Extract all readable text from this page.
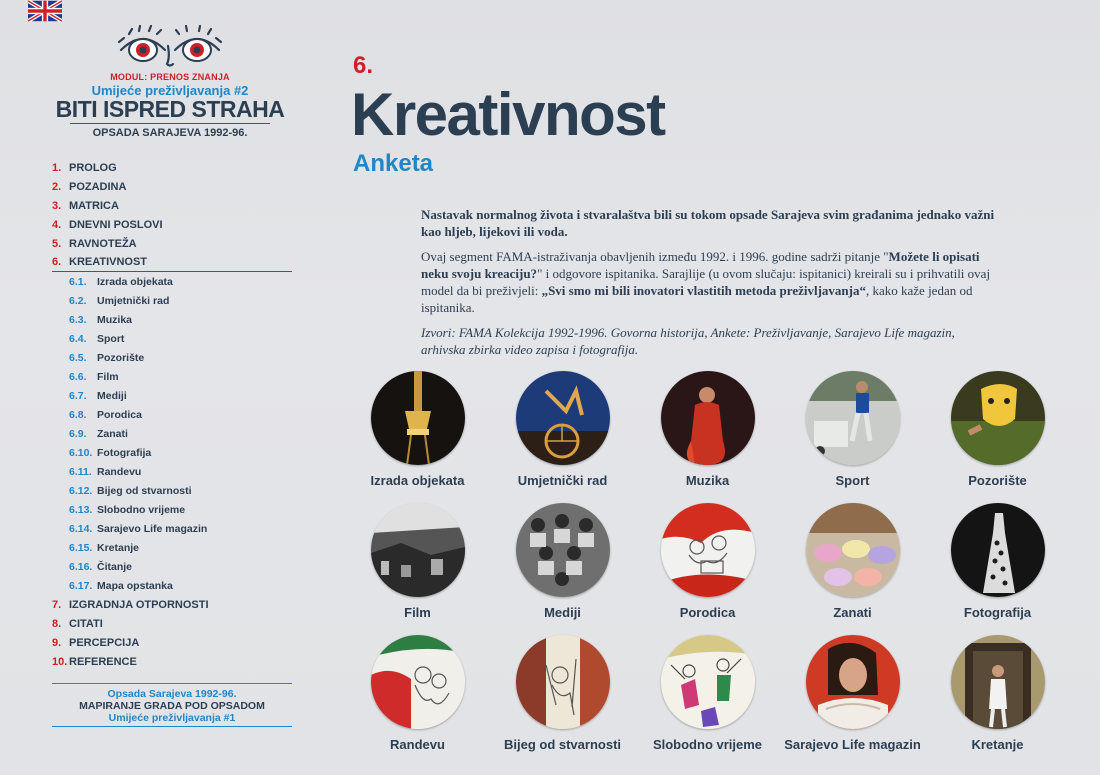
MODUL: PRENOS ZNANJA
Umijeće preživljavanja #2
BITI ISPRED STRAHA
OPSADA SARAJEVA 1992-96.
1. PROLOG
2. POZADINA
3. MATRICA
4. DNEVNI POSLOVI
5. RAVNOTEŽA
6. KREATIVNOST
6.1. Izrada objekata
6.2. Umjetnički rad
6.3. Muzika
6.4. Sport
6.5. Pozorište
6.6. Film
6.7. Mediji
6.8. Porodica
6.9. Zanati
6.10. Fotografija
6.11. Randevu
6.12. Bijeg od stvarnosti
6.13. Slobodno vrijeme
6.14. Sarajevo Life magazin
6.15. Kretanje
6.16. Čitanje
6.17. Mapa opstanka
7. IZGRADNJA OTPORNOSTI
8. CITATI
9. PERCEPCIJA
10. REFERENCE
Opsada Sarajeva 1992-96.
MAPIRANJE GRADA POD OPSADOM
Umijeće preživljavanja #1
6.
Kreativnost
Anketa

Nastavak normalnog života i stvaralaštva bili su tokom opsade Sarajeva svim građanima jednako važni kao hljeb, lijekovi ili voda.

Ovaj segment FAMA-istraživanja obavljenih između 1992. i 1996. godine sadrži pitanje "Možete li opisati neku svoju kreaciju?" i odgovore ispitanika. Sarajlije (u ovom slučaju: ispitanici) kreirali su i prihvatili ovaj model da bi preživjeli: „Svi smo mi bili inovatori vlastitih metoda preživljavanja“, kako kaže jedan od ispitanika.

Izvori: FAMA Kolekcija 1992-1996. Govorna historija, Ankete: Preživljavanje, Sarajevo Life magazin, arhivska zbirka video zapisa i fotografija.

Izrada objekata	Umjetnički rad	Muzika	Sport	Pozorište
Film	Mediji	Porodica	Zanati	Fotografija
Randevu	Bijeg od stvarnosti	Slobodno vrijeme	Sarajevo Life magazin	Kretanje
